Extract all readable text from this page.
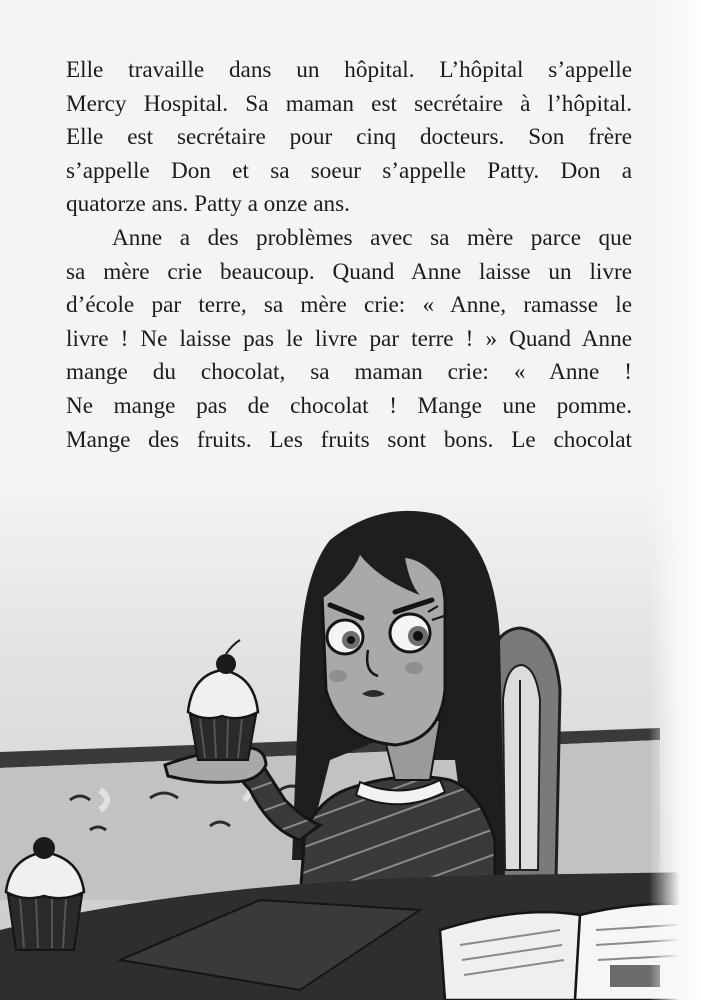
Elle travaille dans un hôpital. L’hôpital s’appelle
Mercy Hospital. Sa maman est secrétaire à l’hôpital.
Elle est secrétaire pour cinq docteurs. Son frère
s’appelle Don et sa soeur s’appelle Patty. Don a
quatorze ans. Patty a onze ans.

Anne a des problèmes avec sa mère parce que
sa mère crie beaucoup. Quand Anne laisse un livre
d’école par terre, sa mère crie: « Anne, ramasse le
livre ! Ne laisse pas le livre par terre ! » Quand Anne
mange du chocolat, sa maman crie: « Anne !
Ne mange pas de chocolat ! Mange une pomme.
Mange des fruits. Les fruits sont bons. Le chocolat
